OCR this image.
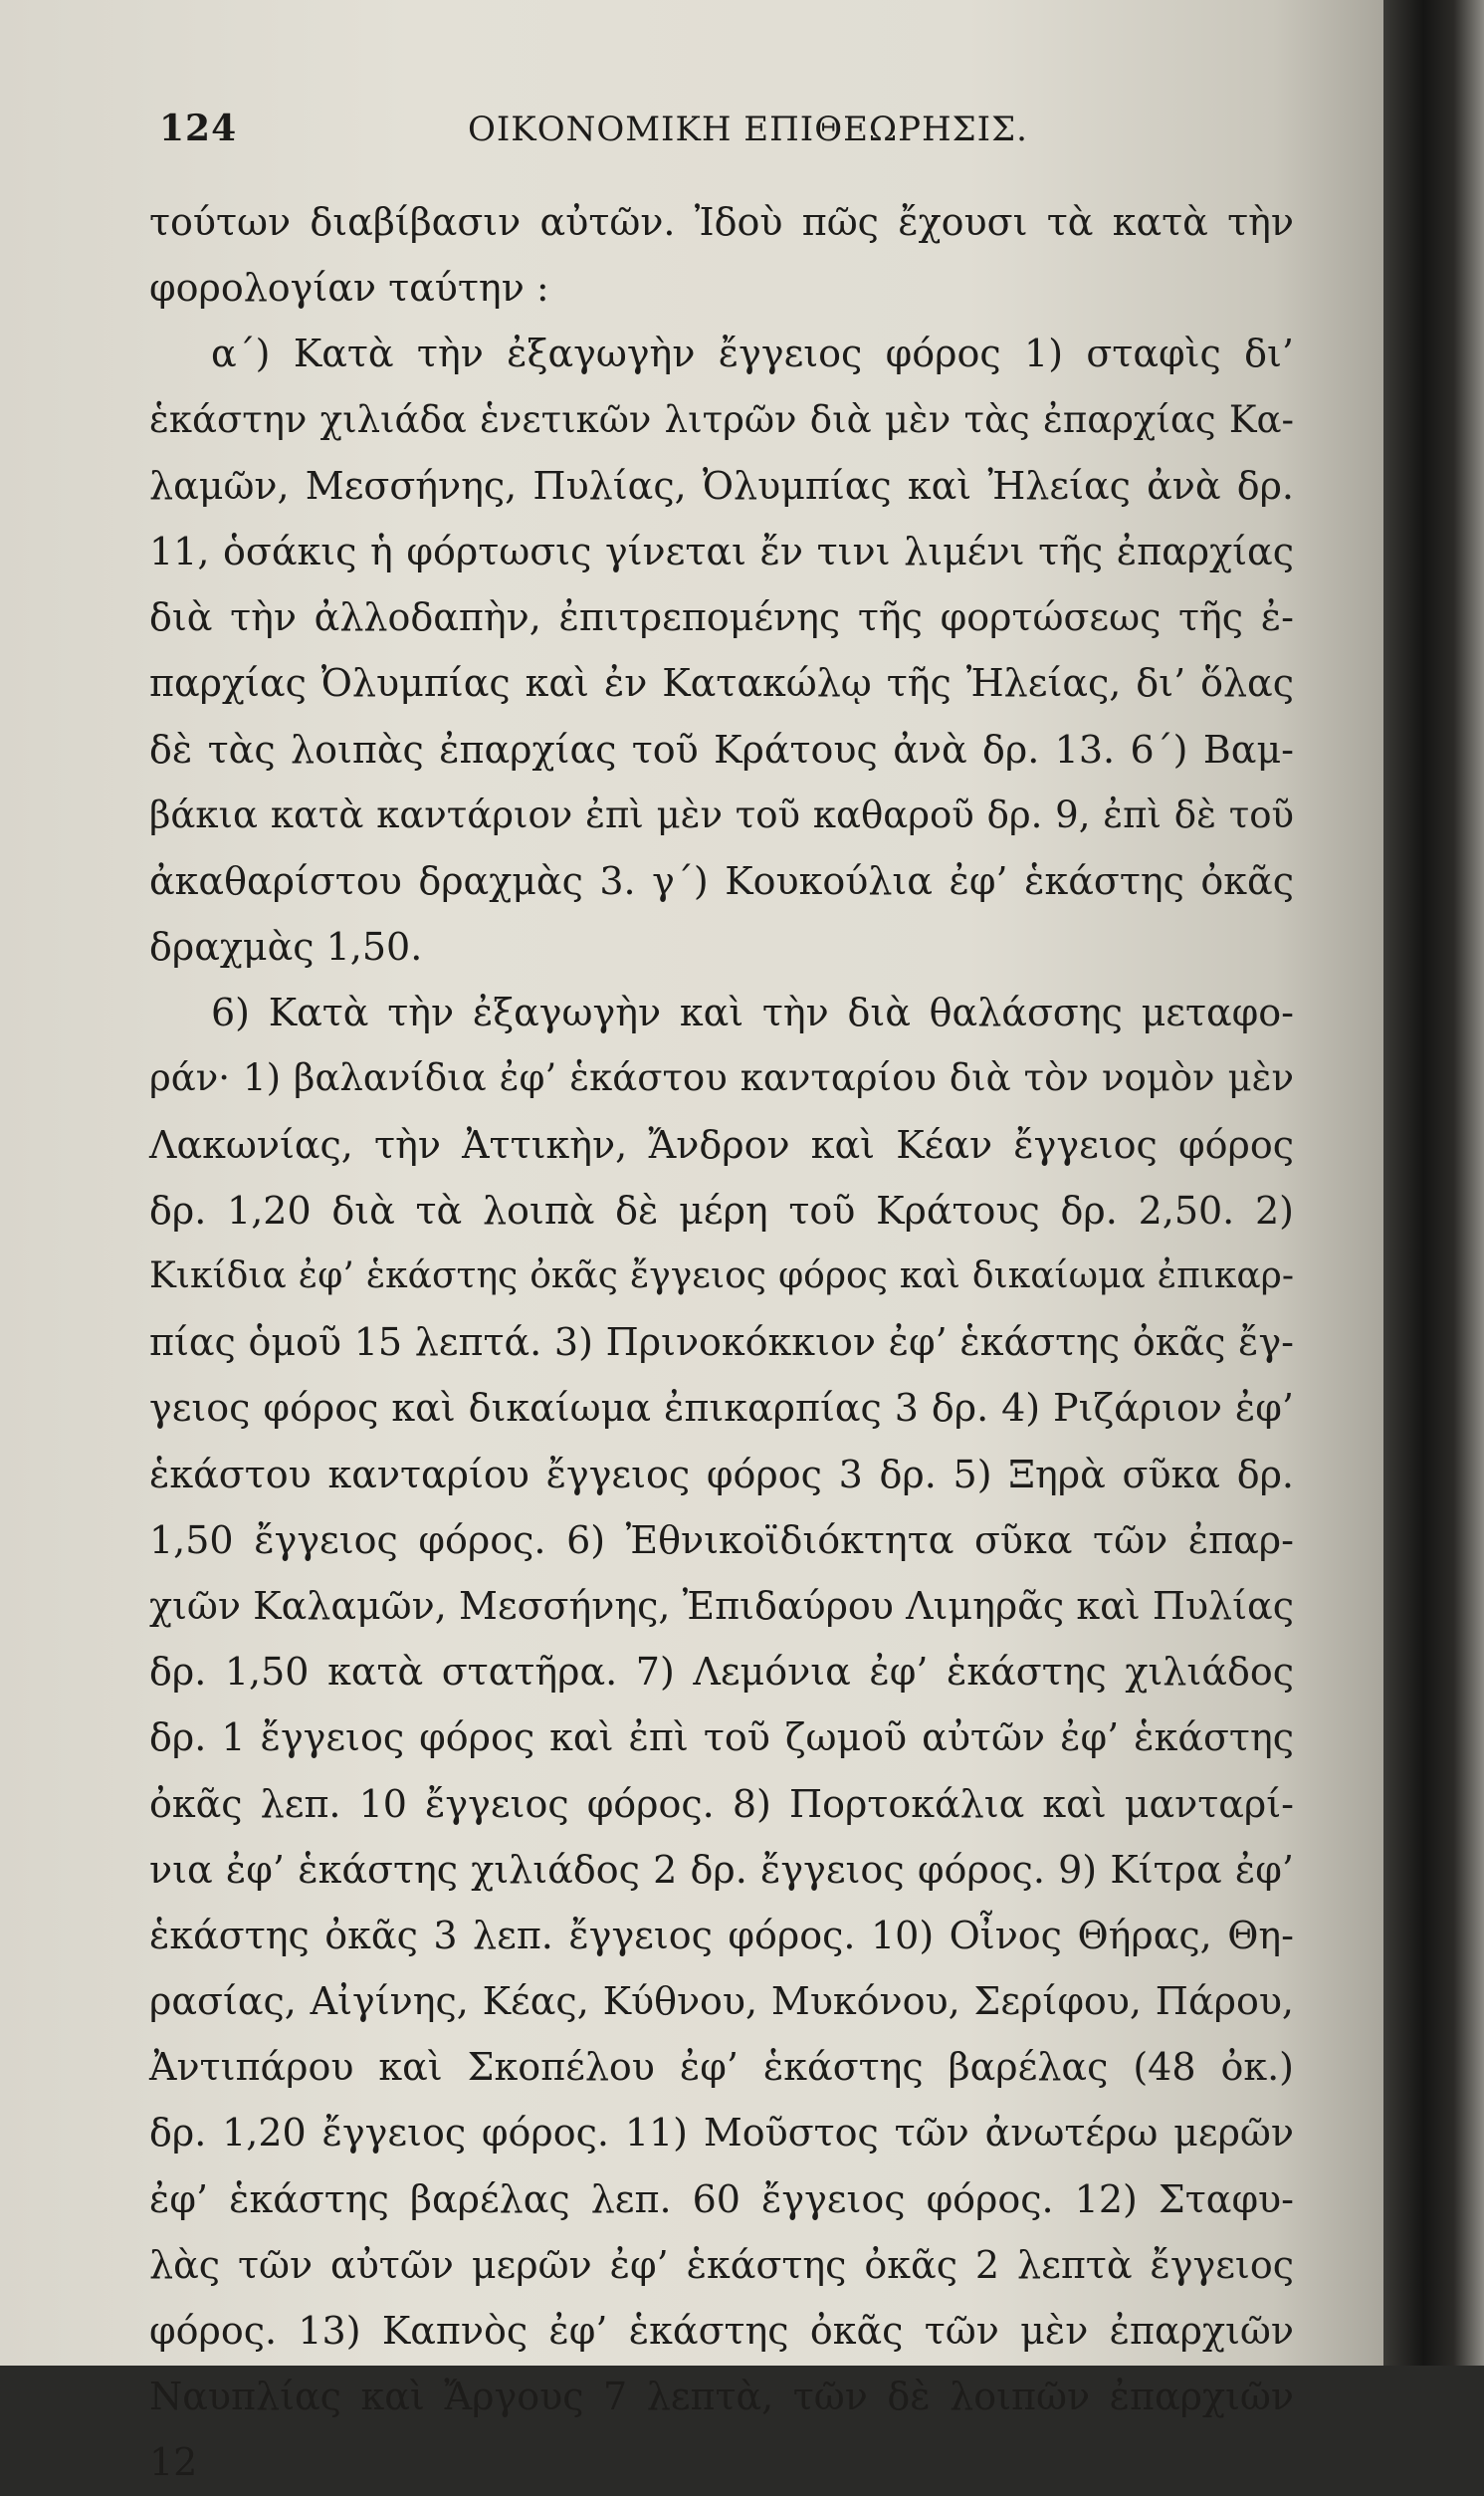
124	ΟΙΚΟΝΟΜΙΚΗ ΕΠΙΘΕΩΡΗΣΙΣ.
τούτων διαβίβασιν αὐτῶν. Ἰδοὺ πῶς ἔχουσι τὰ κατὰ τὴν
φορολογίαν ταύτην :
α΄) Κατὰ τὴν ἐξαγωγὴν ἔγγειος φόρος 1) σταφὶς δι’
ἑκάστην χιλιάδα ἑνετικῶν λιτρῶν διὰ μὲν τὰς ἐπαρχίας Κα-
λαμῶν, Μεσσήνης, Πυλίας, Ὀλυμπίας καὶ Ἠλείας ἀνὰ δρ.
11, ὁσάκις ἡ φόρτωσις γίνεται ἔν τινι λιμένι τῆς ἐπαρχίας
διὰ τὴν ἀλλοδαπὴν, ἐπιτρεπομένης τῆς φορτώσεως τῆς ἐ-
παρχίας Ὀλυμπίας καὶ ἐν Κατακώλῳ τῆς Ἠλείας, δι’ ὅλας
δὲ τὰς λοιπὰς ἐπαρχίας τοῦ Κράτους ἀνὰ δρ. 13. 6΄) Βαμ-
βάκια κατὰ καντάριον ἐπὶ μὲν τοῦ καθαροῦ δρ. 9, ἐπὶ δὲ τοῦ
ἀκαθαρίστου δραχμὰς 3. γ΄) Κουκούλια ἐφ’ ἑκάστης ὀκᾶς
δραχμὰς 1,50.
6) Κατὰ τὴν ἐξαγωγὴν καὶ τὴν διὰ θαλάσσης μεταφο-
ράν· 1) βαλανίδια ἐφ’ ἑκάστου κανταρίου διὰ τὸν νομὸν μὲν
Λακωνίας, τὴν Ἀττικὴν, Ἄνδρον καὶ Κέαν ἔγγειος φόρος
δρ. 1,20 διὰ τὰ λοιπὰ δὲ μέρη τοῦ Κράτους δρ. 2,50. 2)
Κικίδια ἐφ’ ἑκάστης ὀκᾶς ἔγγειος φόρος καὶ δικαίωμα ἐπικαρ-
πίας ὁμοῦ 15 λεπτά. 3) Πρινοκόκκιον ἐφ’ ἑκάστης ὀκᾶς ἔγ-
γειος φόρος καὶ δικαίωμα ἐπικαρπίας 3 δρ. 4) Ριζάριον ἐφ’
ἑκάστου κανταρίου ἔγγειος φόρος 3 δρ. 5) Ξηρὰ σῦκα δρ.
1,50 ἔγγειος φόρος. 6) Ἐθνικοϊδιόκτητα σῦκα τῶν ἐπαρ-
χιῶν Καλαμῶν, Μεσσήνης, Ἐπιδαύρου Λιμηρᾶς καὶ Πυλίας
δρ. 1,50 κατὰ στατῆρα. 7) Λεμόνια ἐφ’ ἑκάστης χιλιάδος
δρ. 1 ἔγγειος φόρος καὶ ἐπὶ τοῦ ζωμοῦ αὐτῶν ἐφ’ ἑκάστης
ὀκᾶς λεπ. 10 ἔγγειος φόρος. 8) Πορτοκάλια καὶ μανταρί-
νια ἐφ’ ἑκάστης χιλιάδος 2 δρ. ἔγγειος φόρος. 9) Κίτρα ἐφ’
ἑκάστης ὀκᾶς 3 λεπ. ἔγγειος φόρος. 10) Οἶνος Θήρας, Θη-
ρασίας, Αἰγίνης, Κέας, Κύθνου, Μυκόνου, Σερίφου, Πάρου,
Ἀντιπάρου καὶ Σκοπέλου ἐφ’ ἑκάστης βαρέλας (48 ὀκ.)
δρ. 1,20 ἔγγειος φόρος. 11) Μοῦστος τῶν ἀνωτέρω μερῶν
ἐφ’ ἑκάστης βαρέλας λεπ. 60 ἔγγειος φόρος. 12) Σταφυ-
λὰς τῶν αὐτῶν μερῶν ἐφ’ ἑκάστης ὀκᾶς 2 λεπτὰ ἔγγειος
φόρος. 13) Καπνὸς ἐφ’ ἑκάστης ὀκᾶς τῶν μὲν ἐπαρχιῶν
Ναυπλίας καὶ Ἄργους 7 λεπτὰ, τῶν δὲ λοιπῶν ἐπαρχιῶν 12
